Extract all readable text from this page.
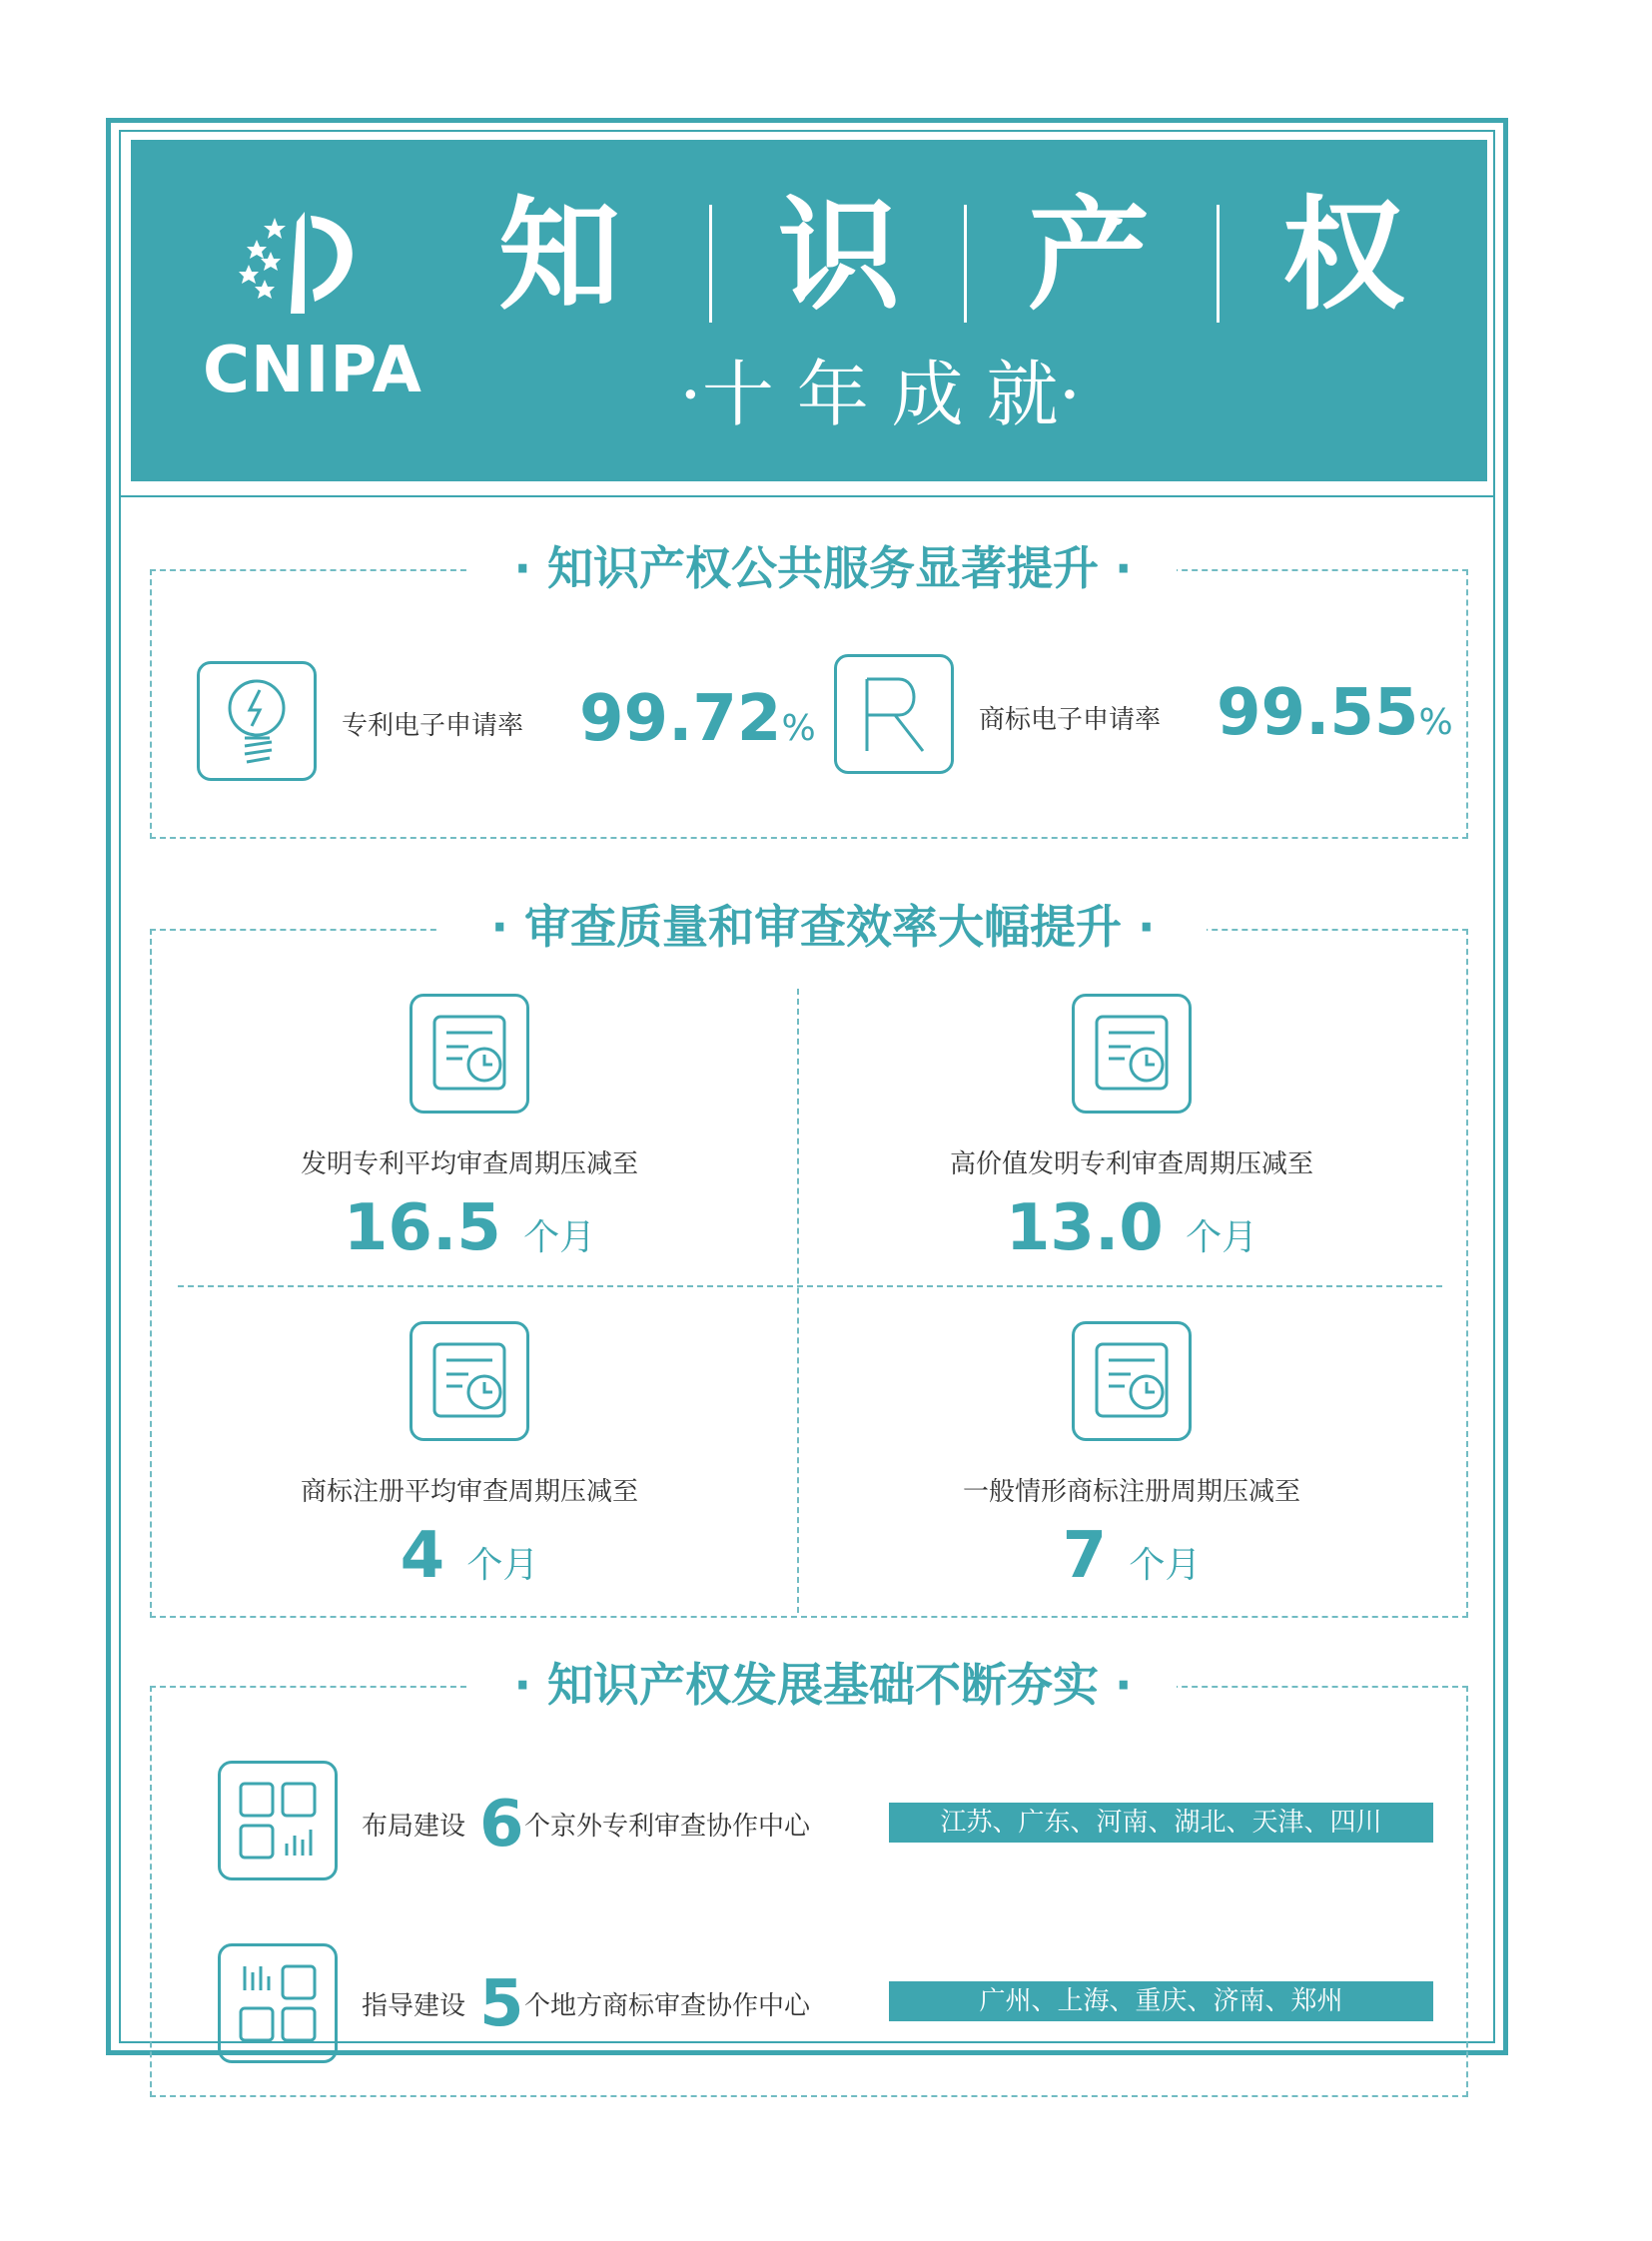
CNIPA
知 识 产 权
·十 年 成 就·
· 知识产权公共服务显著提升 ·
专利电子申请率 99.72%	商标电子申请率 99.55%
· 审查质量和审查效率大幅提升 ·
发明专利平均审查周期压减至
16.5 个月
高价值发明专利审查周期压减至
13.0 个月
商标注册平均审查周期压减至
4 个月
一般情形商标注册周期压减至
7 个月
· 知识产权发展基础不断夯实 ·
布局建设 6 个京外专利审查协作中心	江苏、广东、河南、湖北、天津、四川
指导建设 5 个地方商标审查协作中心	广州、上海、重庆、济南、郑州
